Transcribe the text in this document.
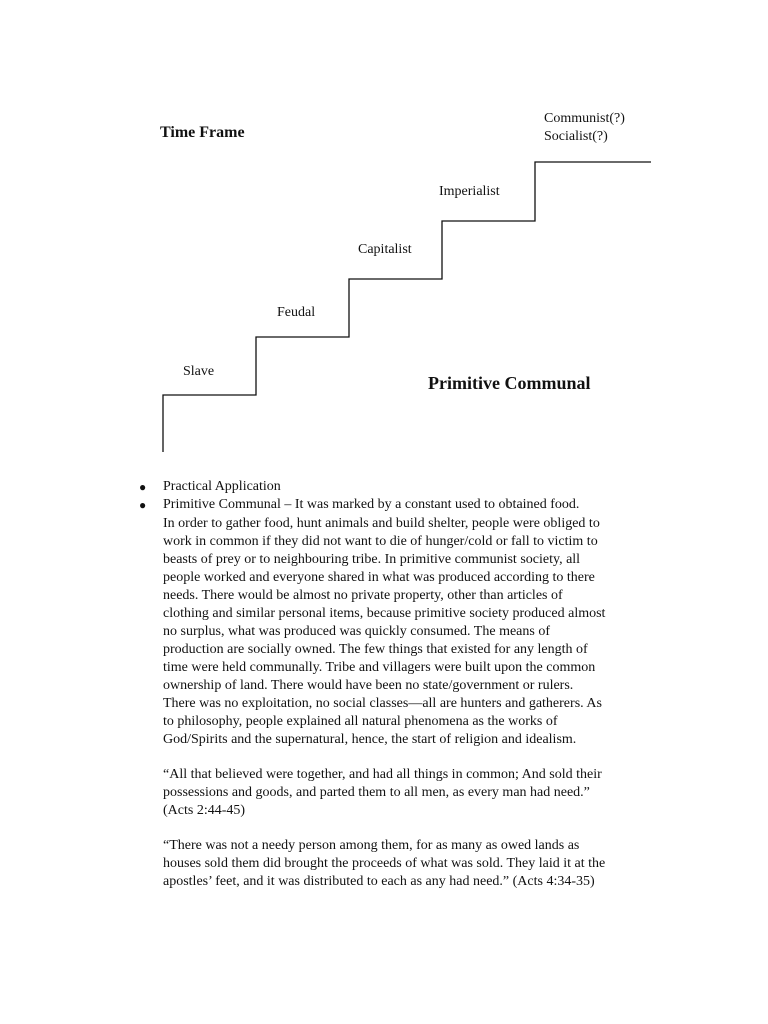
Time Frame
Communist(?)
Socialist(?)
Imperialist
Capitalist
Feudal
Slave
Primitive Communal
●	Practical Application
●	Primitive Communal – It was marked by a constant used to obtained food.

In order to gather food, hunt animals and build shelter, people were obliged to

work in common if they did not want to die of hunger/cold or fall to victim to

beasts of prey or to neighbouring tribe. In primitive communist society, all

people worked and everyone shared in what was produced according to there

needs. There would be almost no private property, other than articles of

clothing and similar personal items, because primitive society produced almost

no surplus, what was produced was quickly consumed. The means of

production are socially owned. The few things that existed for any length of

time were held communally. Tribe and villagers were built upon the common

ownership of land. There would have been no state/government or rulers.

There was no exploitation, no social classes—all are hunters and gatherers. As

to philosophy, people explained all natural phenomena as the works of

God/Spirits and the supernatural, hence, the start of religion and idealism.

“All that believed were together, and had all things in common; And sold their

possessions and goods, and parted them to all men, as every man had need.”

(Acts 2:44-45)

“There was not a needy person among them, for as many as owed lands as

houses sold them did brought the proceeds of what was sold. They laid it at the

apostles’ feet, and it was distributed to each as any had need.” (Acts 4:34-35)
